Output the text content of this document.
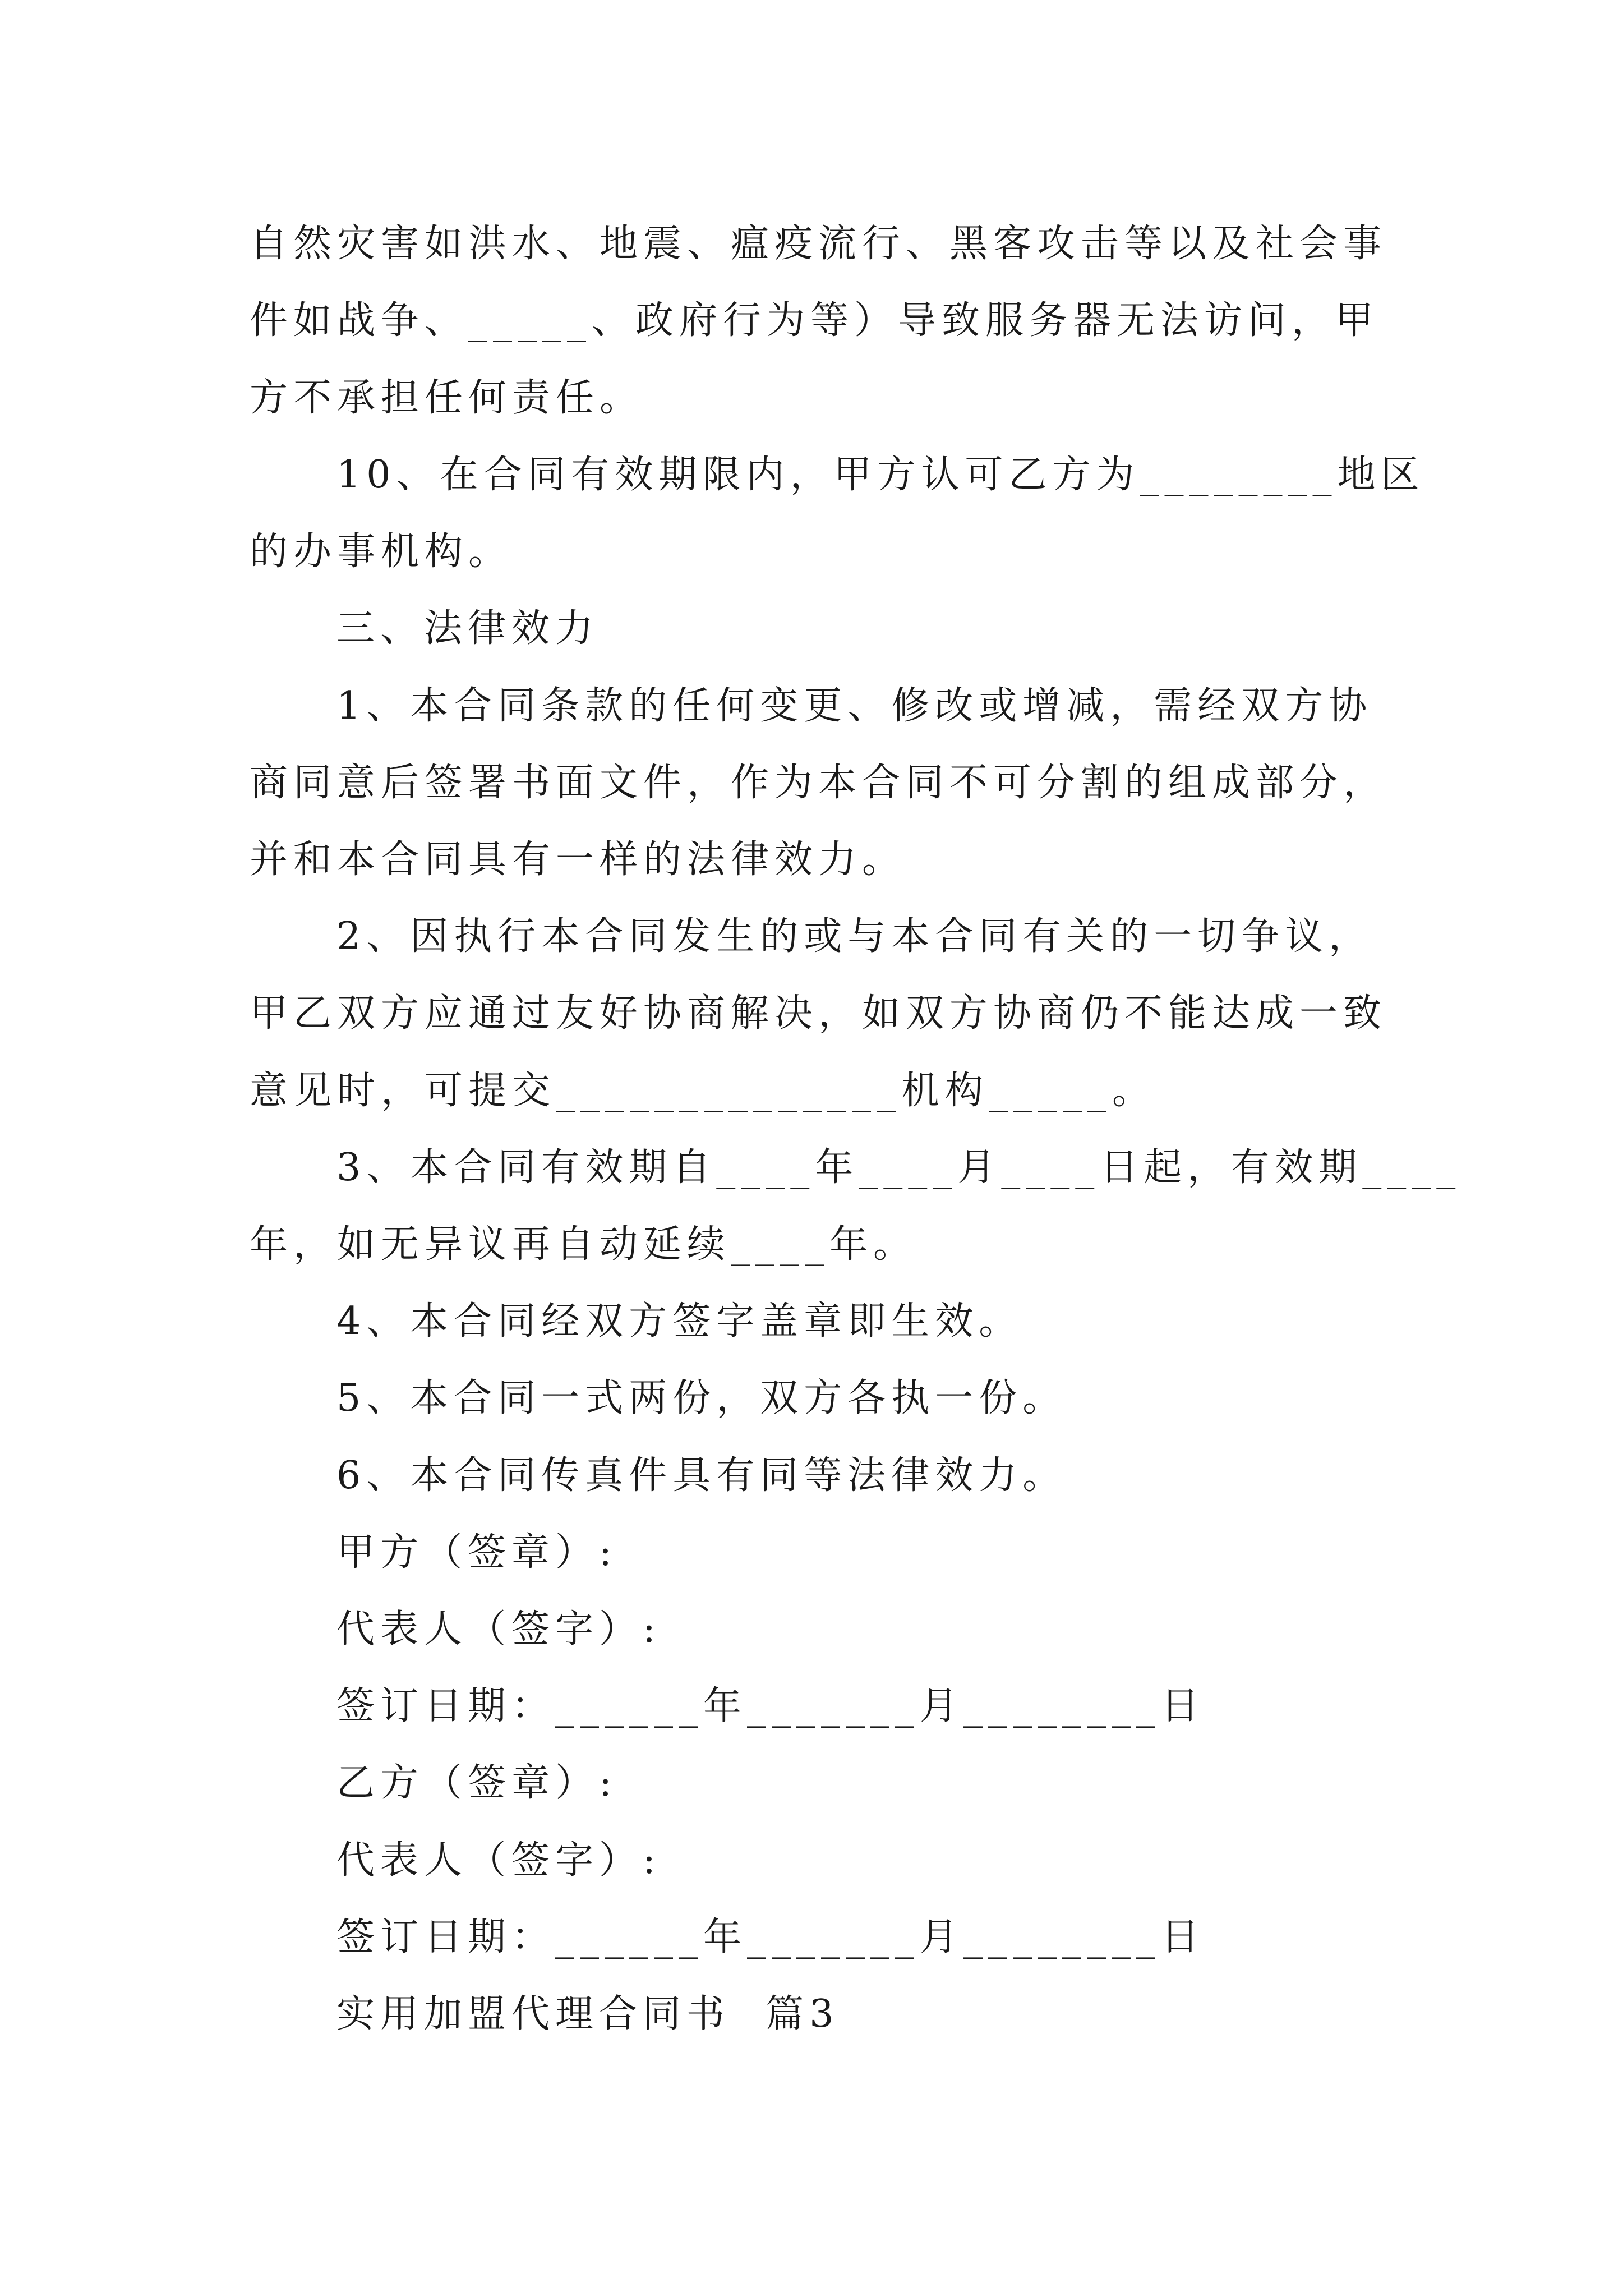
自然灾害如洪水、地震、瘟疫流行、黑客攻击等以及社会事
件如战争、_____、政府行为等）导致服务器无法访问，甲
方不承担任何责任。
10、在合同有效期限内，甲方认可乙方为________地区
的办事机构。
三、法律效力
1、本合同条款的任何变更、修改或增减，需经双方协
商同意后签署书面文件，作为本合同不可分割的组成部分，
并和本合同具有一样的法律效力。
2、因执行本合同发生的或与本合同有关的一切争议，
甲乙双方应通过友好协商解决，如双方协商仍不能达成一致
意见时，可提交______________机构_____。
3、本合同有效期自____年____月____日起，有效期____
年，如无异议再自动延续____年。
4、本合同经双方签字盖章即生效。
5、本合同一式两份，双方各执一份。
6、本合同传真件具有同等法律效力。
甲方（签章）:
代表人（签字）:
签订日期：______年_______月________日
乙方（签章）:
代表人（签字）:
签订日期：______年_______月________日
实用加盟代理合同书  篇3
